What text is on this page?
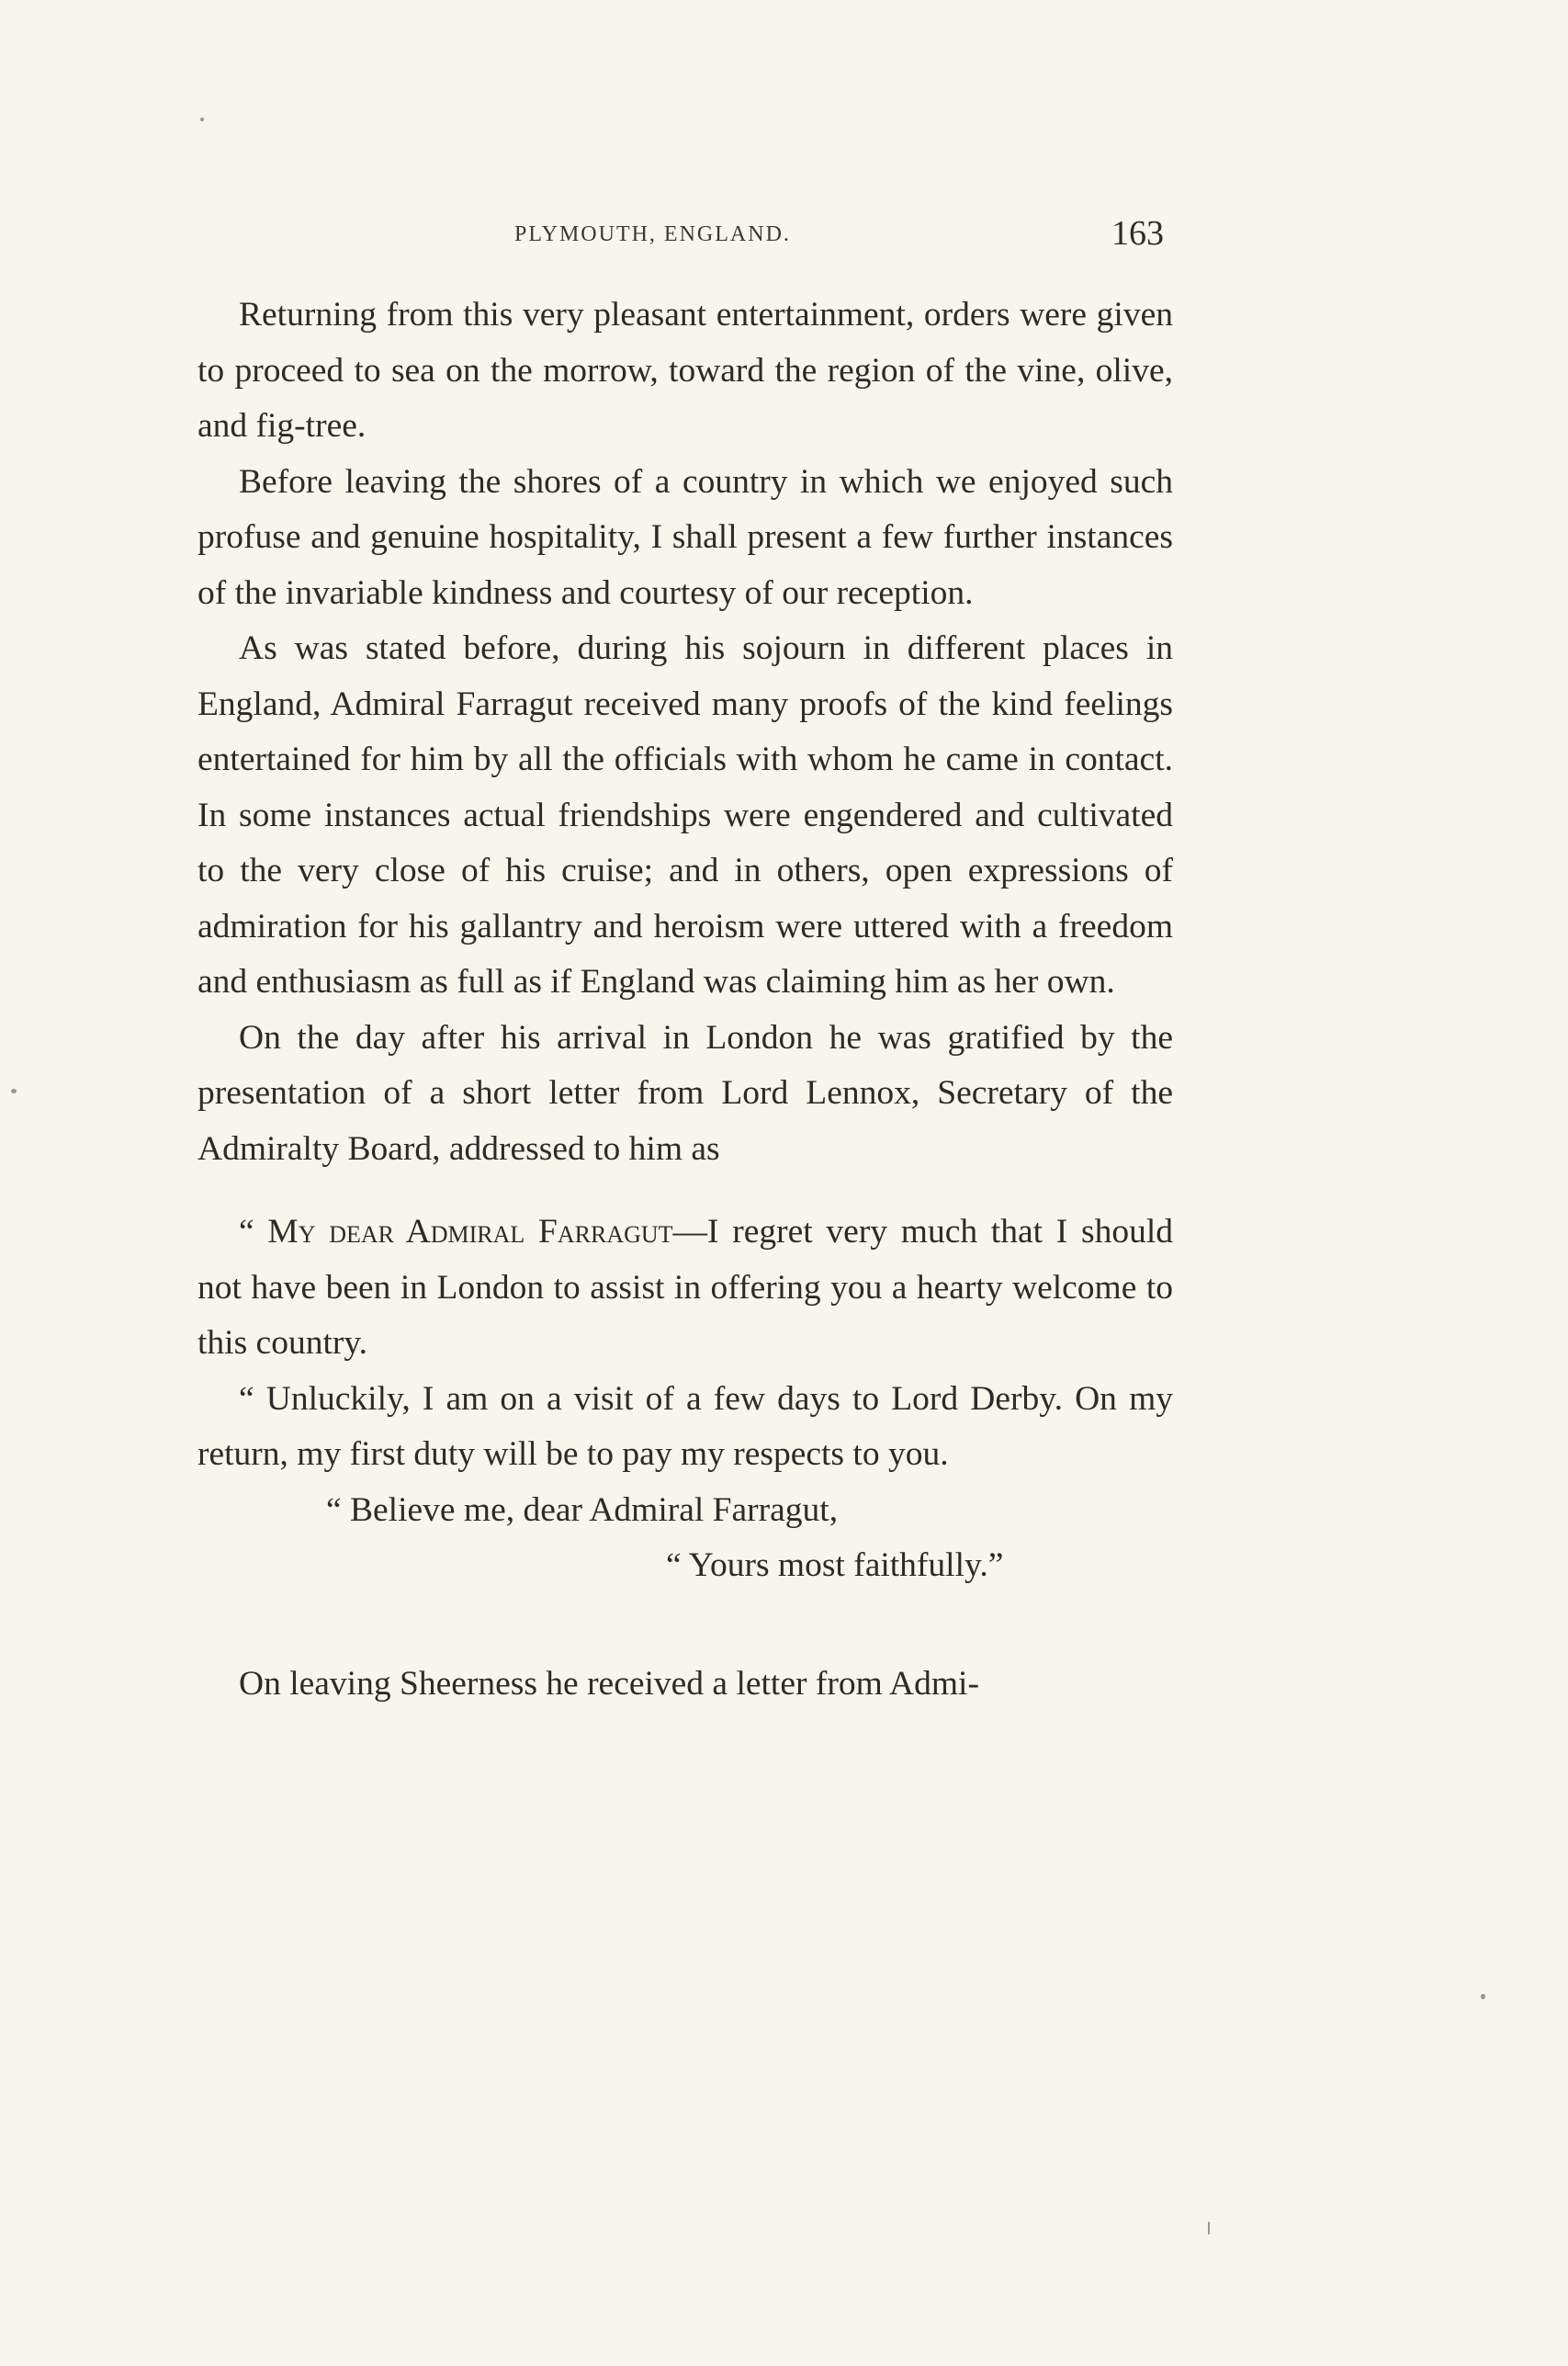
PLYMOUTH, ENGLAND.	163

Returning from this very pleasant entertainment, orders were given to proceed to sea on the morrow, toward the region of the vine, olive, and fig-tree.

Before leaving the shores of a country in which we enjoyed such profuse and genuine hospitality, I shall present a few further instances of the invariable kindness and courtesy of our reception.

As was stated before, during his sojourn in different places in England, Admiral Farragut received many proofs of the kind feelings entertained for him by all the officials with whom he came in contact. In some instances actual friendships were engendered and cultivated to the very close of his cruise; and in others, open expressions of admiration for his gallantry and heroism were uttered with a freedom and enthusiasm as full as if England was claiming him as her own.

On the day after his arrival in London he was gratified by the presentation of a short letter from Lord Lennox, Secretary of the Admiralty Board, addressed to him as

“ My dear Admiral Farragut—I regret very much that I should not have been in London to assist in offering you a hearty welcome to this country.

“ Unluckily, I am on a visit of a few days to Lord Derby. On my return, my first duty will be to pay my respects to you.

“ Believe me, dear Admiral Farragut,

“ Yours most faithfully.”

On leaving Sheerness he received a letter from Admi-
